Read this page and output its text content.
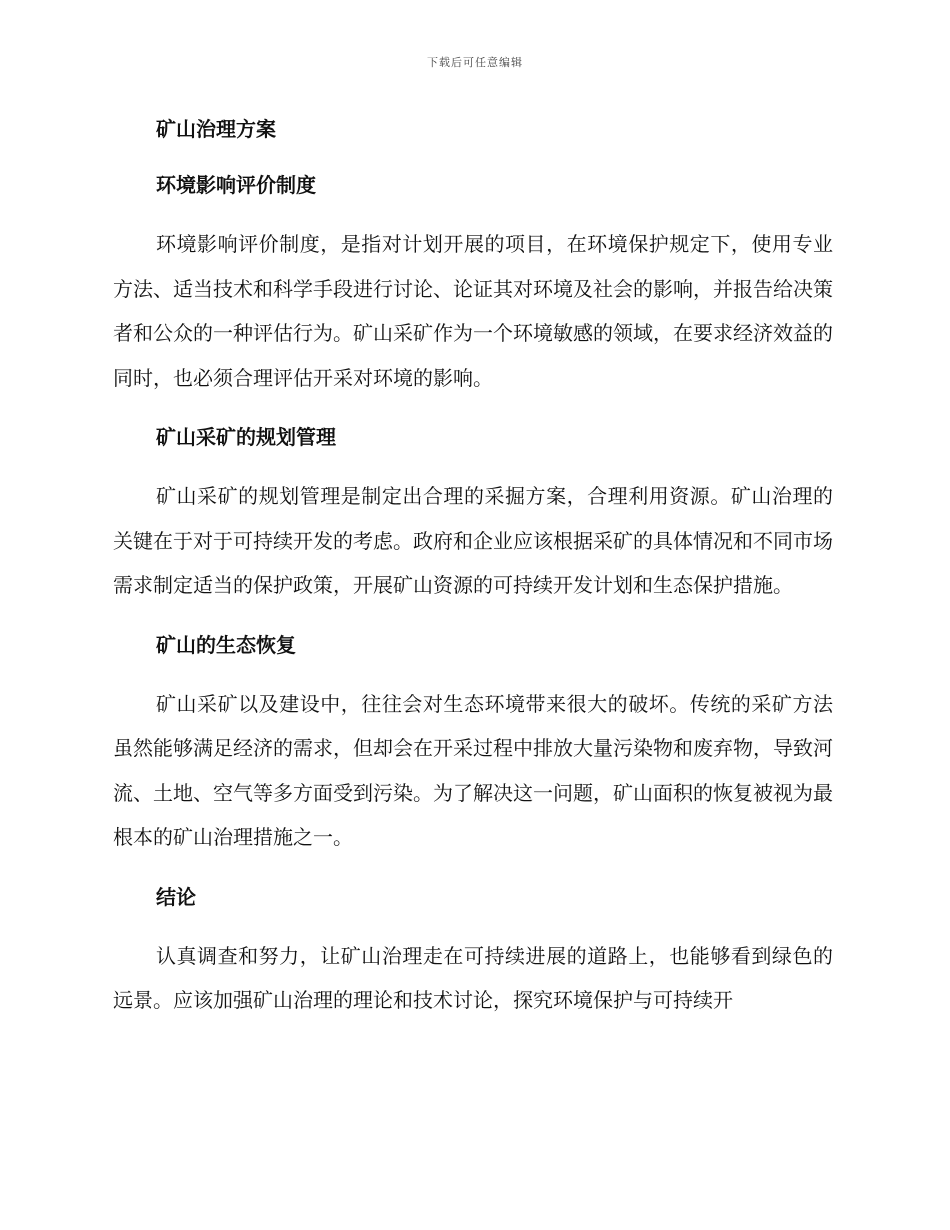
下载后可任意编辑
矿山治理方案
环境影响评价制度

环境影响评价制度，是指对计划开展的项目，在环境保护规定下，使用专业方法、适当技术和科学手段进行讨论、论证其对环境及社会的影响，并报告给决策者和公众的一种评估行为。矿山采矿作为一个环境敏感的领域，在要求经济效益的同时，也必须合理评估开采对环境的影响。

矿山采矿的规划管理

矿山采矿的规划管理是制定出合理的采掘方案，合理利用资源。矿山治理的关键在于对于可持续开发的考虑。政府和企业应该根据采矿的具体情况和不同市场需求制定适当的保护政策，开展矿山资源的可持续开发计划和生态保护措施。

矿山的生态恢复

矿山采矿以及建设中，往往会对生态环境带来很大的破坏。传统的采矿方法虽然能够满足经济的需求，但却会在开采过程中排放大量污染物和废弃物，导致河流、土地、空气等多方面受到污染。为了解决这一问题，矿山面积的恢复被视为最根本的矿山治理措施之一。

结论

认真调查和努力，让矿山治理走在可持续进展的道路上，也能够看到绿色的远景。应该加强矿山治理的理论和技术讨论，探究环境保护与可持续开
